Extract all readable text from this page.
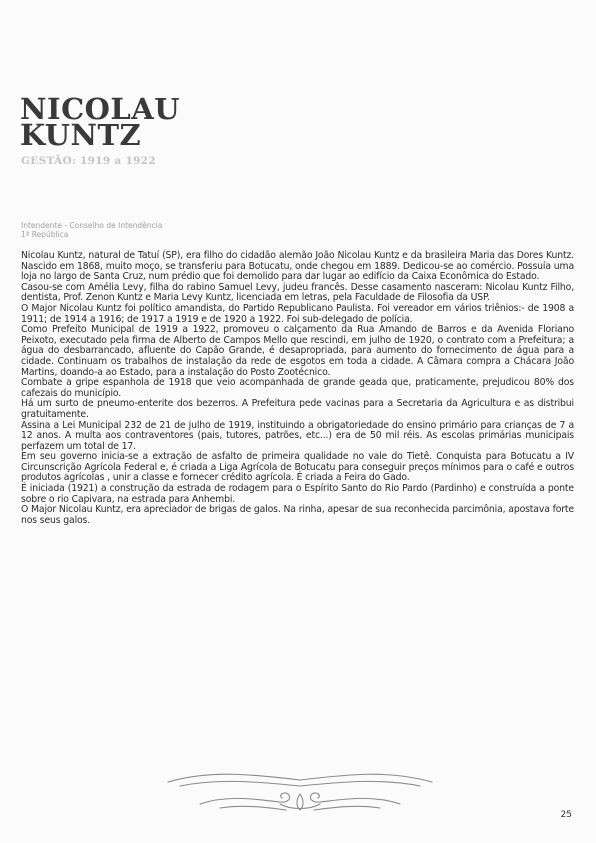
NICOLAU
KUNTZ
GESTÃO: 1919 a 1922
Intendente - Conselho de Intendência
1ª República

Nicolau Kuntz, natural de Tatuí (SP), era filho do cidadão alemão João Nicolau Kuntz e da brasileira Maria das Dores Kuntz. Nascido em 1868, muito moço, se transferiu para Botucatu, onde chegou em 1889. Dedicou-se ao comércio. Possuía uma loja no largo de Santa Cruz, num prédio que foi demolido para dar lugar ao edifício da Caixa Econômica do Estado.

Casou-se com Amélia Levy, filha do rabino Samuel Levy, judeu francês. Desse casamento nasceram: Nicolau Kuntz Filho, dentista, Prof. Zenon Kuntz e Maria Levy Kuntz, licenciada em letras, pela Faculdade de Filosofia da USP.

O Major Nicolau Kuntz foi político amandista, do Partido Republicano Paulista. Foi vereador em vários triênios:- de 1908 a 1911; de 1914 a 1916; de 1917 a 1919 e de 1920 a 1922. Foi sub-delegado de polícia.

Como Prefeito Municipal de 1919 a 1922, promoveu o calçamento da Rua Amando de Barros e da Avenida Floriano Peixoto, executado pela firma de Alberto de Campos Mello que rescindi, em julho de 1920, o contrato com a Prefeitura; a água do desbarrancado, afluente do Capão Grande, é desapropriada, para aumento do fornecimento de água para a cidade. Continuam os trabalhos de instalação da rede de esgotos em toda a cidade. A Câmara compra a Chácara João Martins, doando-a ao Estado, para a instalação do Posto Zootécnico.

Combate a gripe espanhola de 1918 que veio acompanhada de grande geada que, praticamente, prejudicou 80% dos cafezais do município.

Há um surto de pneumo-enterite dos bezerros. A Prefeitura pede vacinas para a Secretaria da Agricultura e as distribui gratuitamente.

Assina a Lei Municipal 232 de 21 de julho de 1919, instituindo a obrigatoriedade do ensino primário para crianças de 7 a 12 anos. A multa aos contraventores (pais, tutores, patrões, etc...) era de 50 mil réis. As escolas primárias municipais perfazem um total de 17.

Em seu governo inicia-se a extração de asfalto de primeira qualidade no vale do Tietê. Conquista para Botucatu a IV Circunscrição Agrícola Federal e, é criada a Liga Agrícola de Botucatu para conseguir preços mínimos para o café e outros produtos agrícolas , unir a classe e fornecer crédito agrícola. É criada a Feira do Gado.

É iniciada (1921) a construção da estrada de rodagem para o Espírito Santo do Rio Pardo (Pardinho) e construída a ponte sobre o rio Capivara, na estrada para Anhembi.

O Major Nicolau Kuntz, era apreciador de brigas de galos. Na rinha, apesar de sua reconhecida parcimônia, apostava forte nos seus galos.

25
